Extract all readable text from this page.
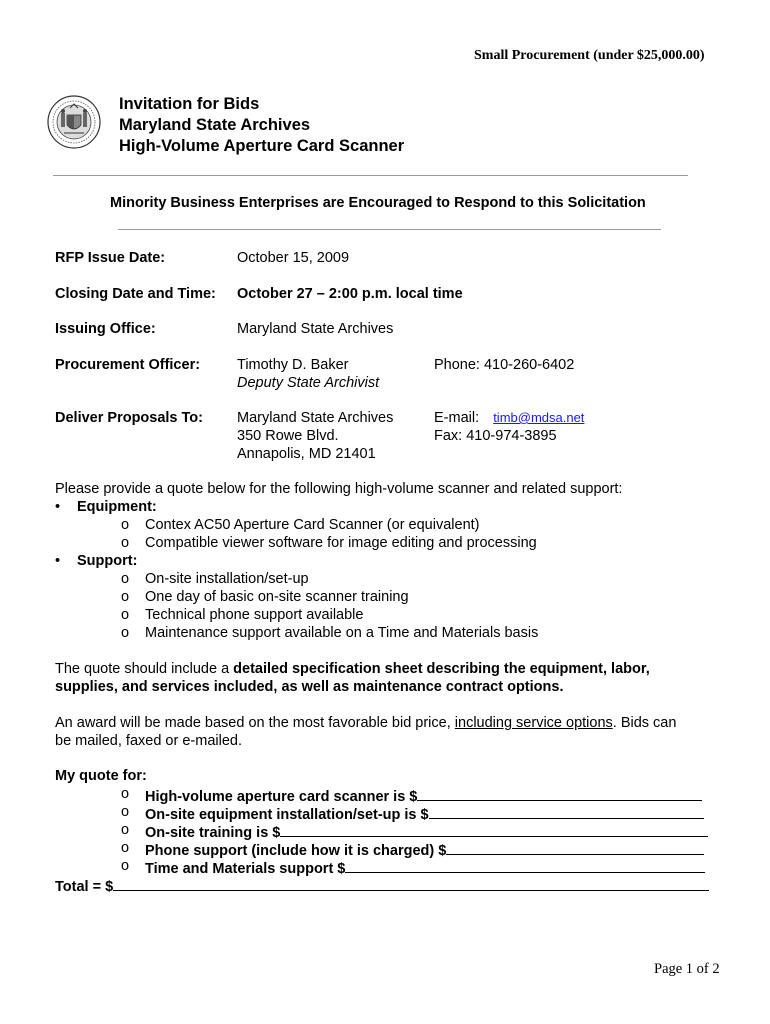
Small Procurement (under $25,000.00)
Invitation for Bids
Maryland State Archives
High-Volume Aperture Card Scanner
Minority Business Enterprises are Encouraged to Respond to this Solicitation
RFP Issue Date:	October 15, 2009
Closing Date and Time: October 27 – 2:00 p.m. local time
Issuing Office:	Maryland State Archives
Procurement Officer:	Timothy D. Baker
Deputy State Archivist
Phone: 410-260-6402
Deliver Proposals To: Maryland State Archives
350 Rowe Blvd.
Annapolis, MD 21401
E-mail: timb@mdsa.net
Fax: 410-974-3895
Please provide a quote below for the following high-volume scanner and related support:
• Equipment:
o Contex AC50 Aperture Card Scanner (or equivalent)
o Compatible viewer software for image editing and processing
• Support:
o On-site installation/set-up
o One day of basic on-site scanner training
o Technical phone support available
o Maintenance support available on a Time and Materials basis
The quote should include a detailed specification sheet describing the equipment, labor,
supplies, and services included, as well as maintenance contract options.
An award will be made based on the most favorable bid price, including service options. Bids can
be mailed, faxed or e-mailed.
My quote for:
o High-volume aperture card scanner is $
o On-site equipment installation/set-up is $
o On-site training is $
o Phone support (include how it is charged) $
o Time and Materials support $
Total = $
Page 1 of 2
